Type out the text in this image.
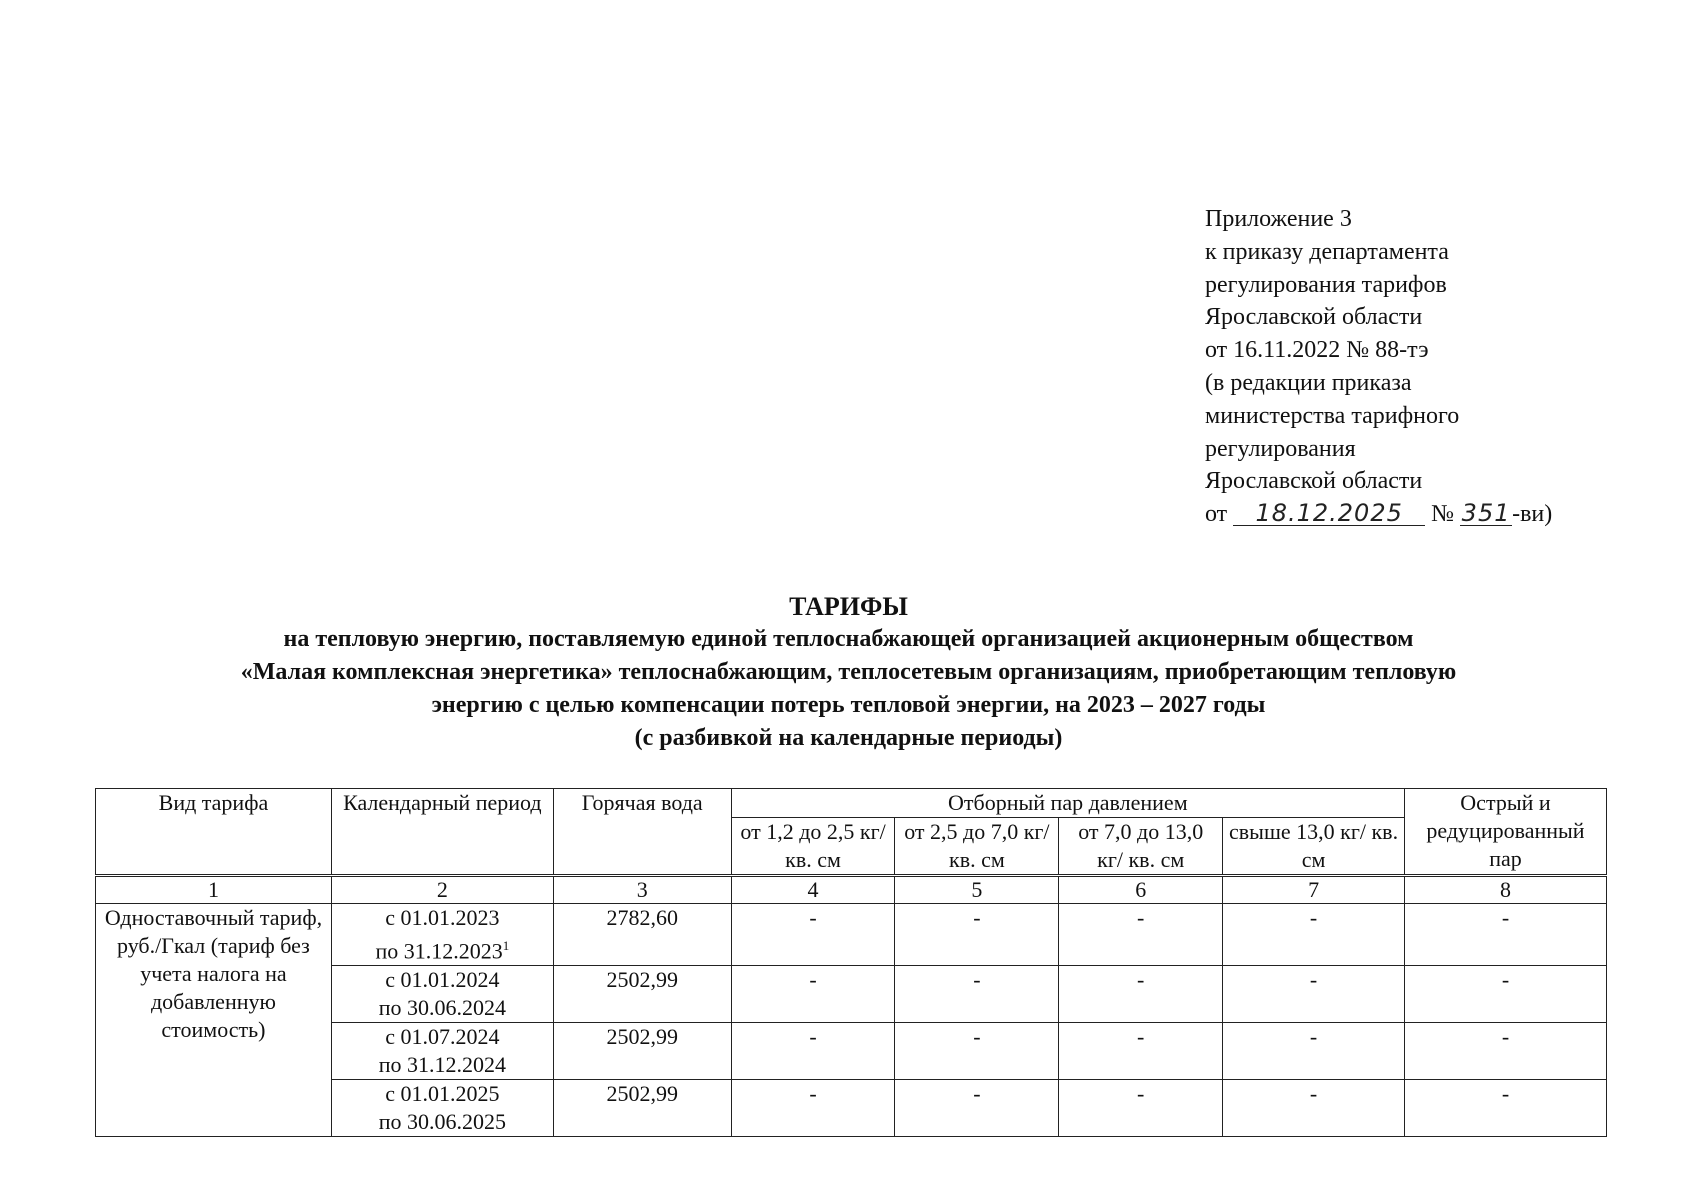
Приложение 3
к приказу департамента
регулирования тарифов
Ярославской области
от 16.11.2022 № 88-тэ
(в редакции приказа
министерства тарифного
регулирования
Ярославской области
от 18.12.2025 № 351-ви)
ТАРИФЫ
на тепловую энергию, поставляемую единой теплоснабжающей организацией акционерным обществом
«Малая комплексная энергетика» теплоснабжающим, теплосетевым организациям, приобретающим тепловую
энергию с целью компенсации потерь тепловой энергии, на 2023 – 2027 годы
(с разбивкой на календарные периоды)
Вид тарифа	Календарный период	Горячая вода	Отборный пар давлением				Острый и редуцированный пар
			от 1,2 до 2,5 кг/ кв. см	от 2,5 до 7,0 кг/ кв. см	от 7,0 до 13,0 кг/ кв. см	свыше 13,0 кг/ кв. см	
1	2	3	4	5	6	7	8
Одноставочный тариф, руб./Гкал (тариф без учета налога на добавленную стоимость)	с 01.01.2023
по 31.12.2023$^1$	2782,60	-	-	-	-	-
	с 01.01.2024
по 30.06.2024	2502,99	-	-	-	-	-
	с 01.07.2024
по 31.12.2024	2502,99	-	-	-	-	-
	с 01.01.2025
по 30.06.2025	2502,99	-	-	-	-	-
